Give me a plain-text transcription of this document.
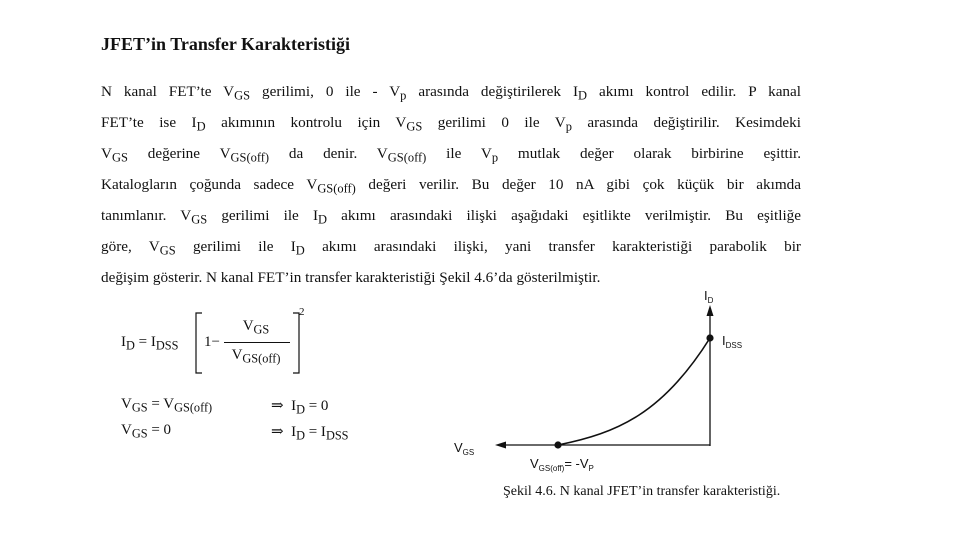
JFET’in Transfer Karakteristiği
N kanal FET’te $V_{GS}$ gerilimi, 0 ile - $V_p$ arasında değiştirilerek $I_D$ akımı kontrol edilir. P kanal
FET’te ise $I_D$ akımının kontrolu için $V_{GS}$ gerilimi 0 ile $V_p$ arasında değiştirilir. Kesimdeki
$V_{GS}$ değerine $V_{GS(off)}$ da denir. $V_{GS(off)}$ ile $V_p$ mutlak değer olarak birbirine eşittir.
Katalogların çoğunda sadece $V_{GS(off)}$ değeri verilir. Bu değer 10 nA gibi çok küçük bir akımda
tanımlanır. $V_{GS}$ gerilimi ile $I_D$ akımı arasındaki ilişki aşağıdaki eşitlikte verilmiştir. Bu eşitliğe
göre, $V_{GS}$ gerilimi ile $I_D$ akımı arasındaki ilişki, yani transfer karakteristiği parabolik bir
değişim gösterir. N kanal FET’in transfer karakteristiği Şekil 4.6’da gösterilmiştir.
$I_D = I_{DSS}$ 1−
$V_{GS}$
$V_{GS(off)}$
2
$V_{GS} = V_{GS(off)}$	⇒  $I_D = 0$
$V_{GS} = 0$	⇒  $I_D = I_{DSS}$
$I_D$
$I_{DSS}$
$V_{GS}$
$V_{GS(off)}= -V_P$
Şekil 4.6. N kanal JFET’in transfer karakteristiği.
